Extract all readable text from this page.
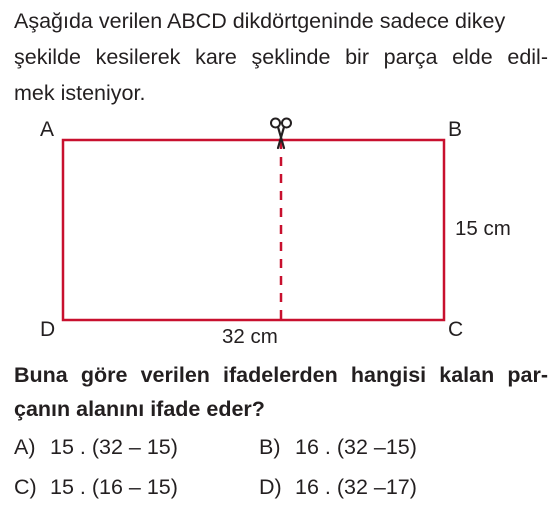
Aşağıda verilen ABCD dikdörtgeninde sadece dikey
şekilde kesilerek kare şeklinde bir parça elde edil-
mek isteniyor.
A	B
C
D
15 cm
32 cm
Buna göre verilen ifadelerden hangisi kalan par-
çanın alanını ifade eder?
A) 15 . (32 – 15)	B) 16 . (32 –15)
C) 15 . (16 – 15)	D) 16 . (32 –17)
